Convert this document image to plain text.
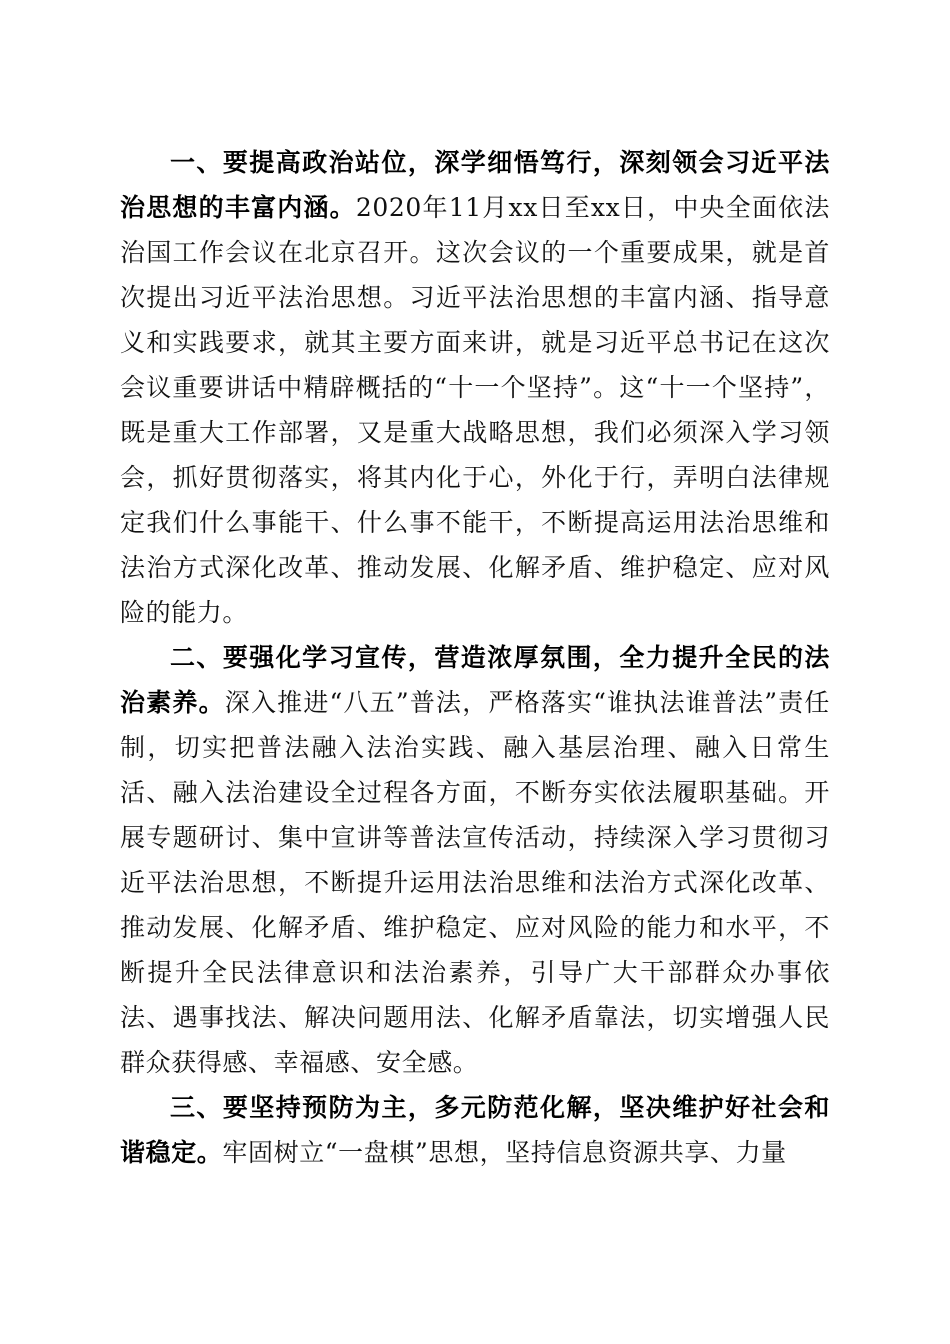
一、要提高政治站位，深学细悟笃行，深刻领会习近平法治思想的丰富内涵。2020年11月xx日至xx日，中央全面依法治国工作会议在北京召开。这次会议的一个重要成果，就是首次提出习近平法治思想。习近平法治思想的丰富内涵、指导意义和实践要求，就其主要方面来讲，就是习近平总书记在这次会议重要讲话中精辟概括的“十一个坚持”。这“十一个坚持”，既是重大工作部署，又是重大战略思想，我们必须深入学习领会，抓好贯彻落实，将其内化于心，外化于行，弄明白法律规定我们什么事能干、什么事不能干，不断提高运用法治思维和法治方式深化改革、推动发展、化解矛盾、维护稳定、应对风险的能力。

二、要强化学习宣传，营造浓厚氛围，全力提升全民的法治素养。深入推进“八五”普法，严格落实“谁执法谁普法”责任制，切实把普法融入法治实践、融入基层治理、融入日常生活、融入法治建设全过程各方面，不断夯实依法履职基础。开展专题研讨、集中宣讲等普法宣传活动，持续深入学习贯彻习近平法治思想，不断提升运用法治思维和法治方式深化改革、推动发展、化解矛盾、维护稳定、应对风险的能力和水平，不断提升全民法律意识和法治素养，引导广大干部群众办事依法、遇事找法、解决问题用法、化解矛盾靠法，切实增强人民群众获得感、幸福感、安全感。

三、要坚持预防为主，多元防范化解，坚决维护好社会和谐稳定。牢固树立“一盘棋”思想，坚持信息资源共享、力量
